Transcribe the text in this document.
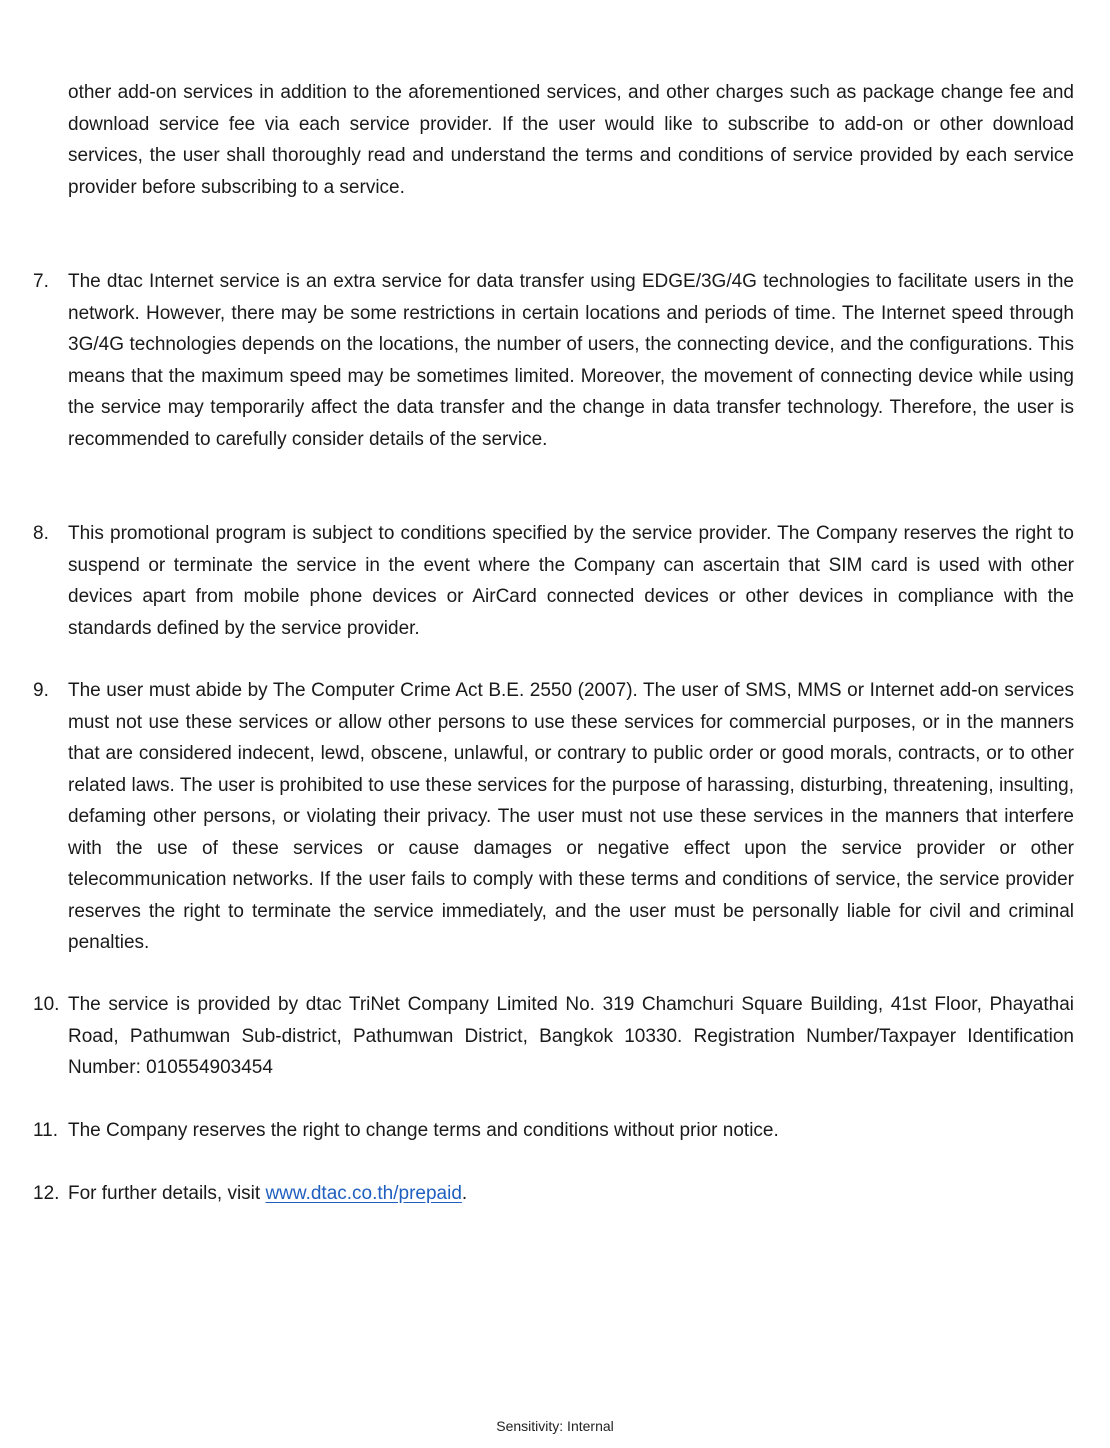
other add-on services in addition to the aforementioned services, and other charges such as package change fee and download service fee via each service provider. If the user would like to subscribe to add-on or other download services, the user shall thoroughly read and understand the terms and conditions of service provided by each service provider before subscribing to a service.

7. The dtac Internet service is an extra service for data transfer using EDGE/3G/4G technologies to facilitate users in the network. However, there may be some restrictions in certain locations and periods of time. The Internet speed through 3G/4G technologies depends on the locations, the number of users, the connecting device, and the configurations. This means that the maximum speed may be sometimes limited. Moreover, the movement of connecting device while using the service may temporarily affect the data transfer and the change in data transfer technology. Therefore, the user is recommended to carefully consider details of the service.

8. This promotional program is subject to conditions specified by the service provider. The Company reserves the right to suspend or terminate the service in the event where the Company can ascertain that SIM card is used with other devices apart from mobile phone devices or AirCard connected devices or other devices in compliance with the standards defined by the service provider.

9. The user must abide by The Computer Crime Act B.E. 2550 (2007). The user of SMS, MMS or Internet add-on services must not use these services or allow other persons to use these services for commercial purposes, or in the manners that are considered indecent, lewd, obscene, unlawful, or contrary to public order or good morals, contracts, or to other related laws. The user is prohibited to use these services for the purpose of harassing, disturbing, threatening, insulting, defaming other persons, or violating their privacy. The user must not use these services in the manners that interfere with the use of these services or cause damages or negative effect upon the service provider or other telecommunication networks. If the user fails to comply with these terms and conditions of service, the service provider reserves the right to terminate the service immediately, and the user must be personally liable for civil and criminal penalties.

10. The service is provided by dtac TriNet Company Limited No. 319 Chamchuri Square Building, 41st Floor, Phayathai Road, Pathumwan Sub-district, Pathumwan District, Bangkok 10330. Registration Number/Taxpayer Identification Number: 010554903454

11. The Company reserves the right to change terms and conditions without prior notice.

12. For further details, visit www.dtac.co.th/prepaid.

Sensitivity: Internal
